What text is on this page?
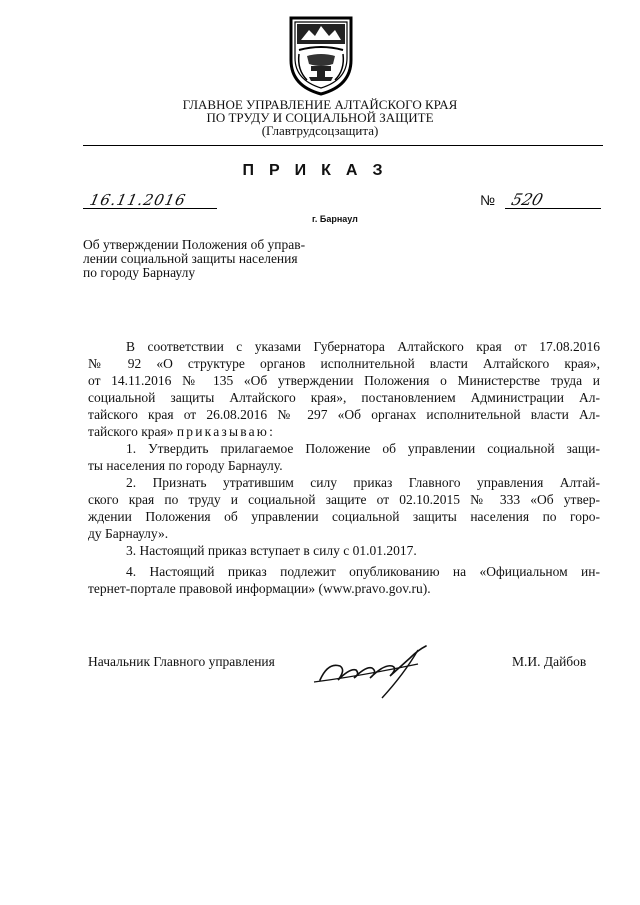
ГЛАВНОЕ УПРАВЛЕНИЕ АЛТАЙСКОГО КРАЯ
ПО ТРУДУ И СОЦИАЛЬНОЙ ЗАЩИТЕ
(Главтрудсоцзащита)
ПРИКАЗ
16.11.2016	№ 520
г. Барнаул
Об утверждении Положения об управ-
лении социальной защиты населения
по городу Барнаулу
В соответствии с указами Губернатора Алтайского края от 17.08.2016
№ 92 «О структуре органов исполнительной власти Алтайского края»,
от 14.11.2016 № 135 «Об утверждении Положения о Министерстве труда и
социальной защиты Алтайского края», постановлением Администрации Ал-
тайского края от 26.08.2016 № 297 «Об органах исполнительной власти Ал-
тайского края» приказываю:
1. Утвердить прилагаемое Положение об управлении социальной защи-
ты населения по городу Барнаулу.
2. Признать утратившим силу приказ Главного управления Алтай-
ского края по труду и социальной защите от 02.10.2015 № 333 «Об утвер-
ждении Положения об управлении социальной защиты населения по горо-
ду Барнаулу».
3. Настоящий приказ вступает в силу с 01.01.2017.
4. Настоящий приказ подлежит опубликованию на «Официальном ин-
тернет-портале правовой информации» (www.pravo.gov.ru).
Начальник Главного управления	М.И. Дайбов
